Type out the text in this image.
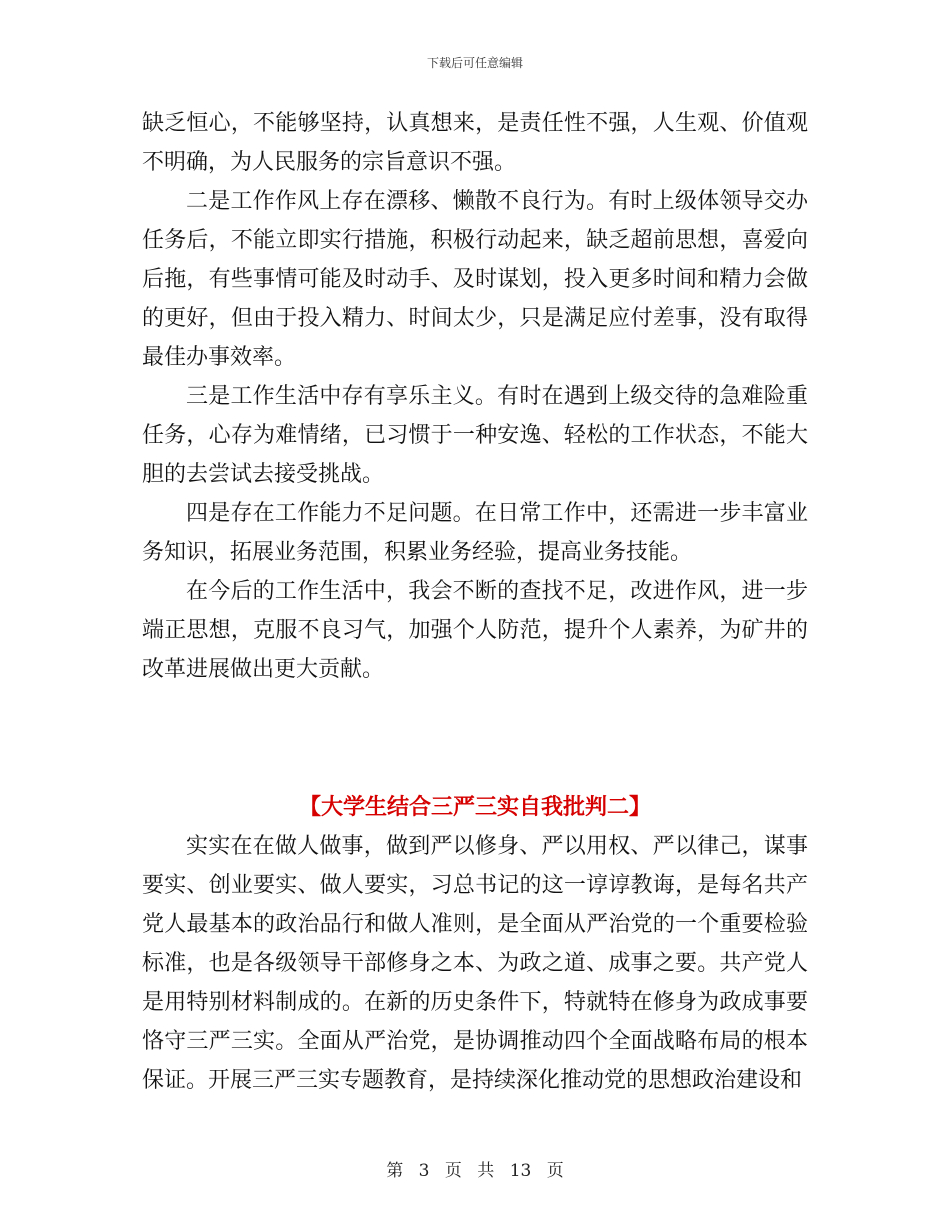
下载后可任意编辑

缺乏恒心，不能够坚持，认真想来，是责任性不强，人生观、价值观不明确，为人民服务的宗旨意识不强。

二是工作作风上存在漂移、懒散不良行为。有时上级体领导交办任务后，不能立即实行措施，积极行动起来，缺乏超前思想，喜爱向后拖，有些事情可能及时动手、及时谋划，投入更多时间和精力会做的更好，但由于投入精力、时间太少，只是满足应付差事，没有取得最佳办事效率。

三是工作生活中存有享乐主义。有时在遇到上级交待的急难险重任务，心存为难情绪，已习惯于一种安逸、轻松的工作状态，不能大胆的去尝试去接受挑战。

四是存在工作能力不足问题。在日常工作中，还需进一步丰富业务知识，拓展业务范围，积累业务经验，提高业务技能。

在今后的工作生活中，我会不断的查找不足，改进作风，进一步端正思想，克服不良习气，加强个人防范，提升个人素养，为矿井的改革进展做出更大贡献。

【大学生结合三严三实自我批判二】

实实在在做人做事，做到严以修身、严以用权、严以律己，谋事要实、创业要实、做人要实，习总书记的这一谆谆教诲，是每名共产党人最基本的政治品行和做人准则，是全面从严治党的一个重要检验标准，也是各级领导干部修身之本、为政之道、成事之要。共产党人是用特别材料制成的。在新的历史条件下，特就特在修身为政成事要恪守三严三实。全面从严治党，是协调推动四个全面战略布局的根本保证。开展三严三实专题教育，是持续深化推动党的思想政治建设和

第 3 页 共 13 页
